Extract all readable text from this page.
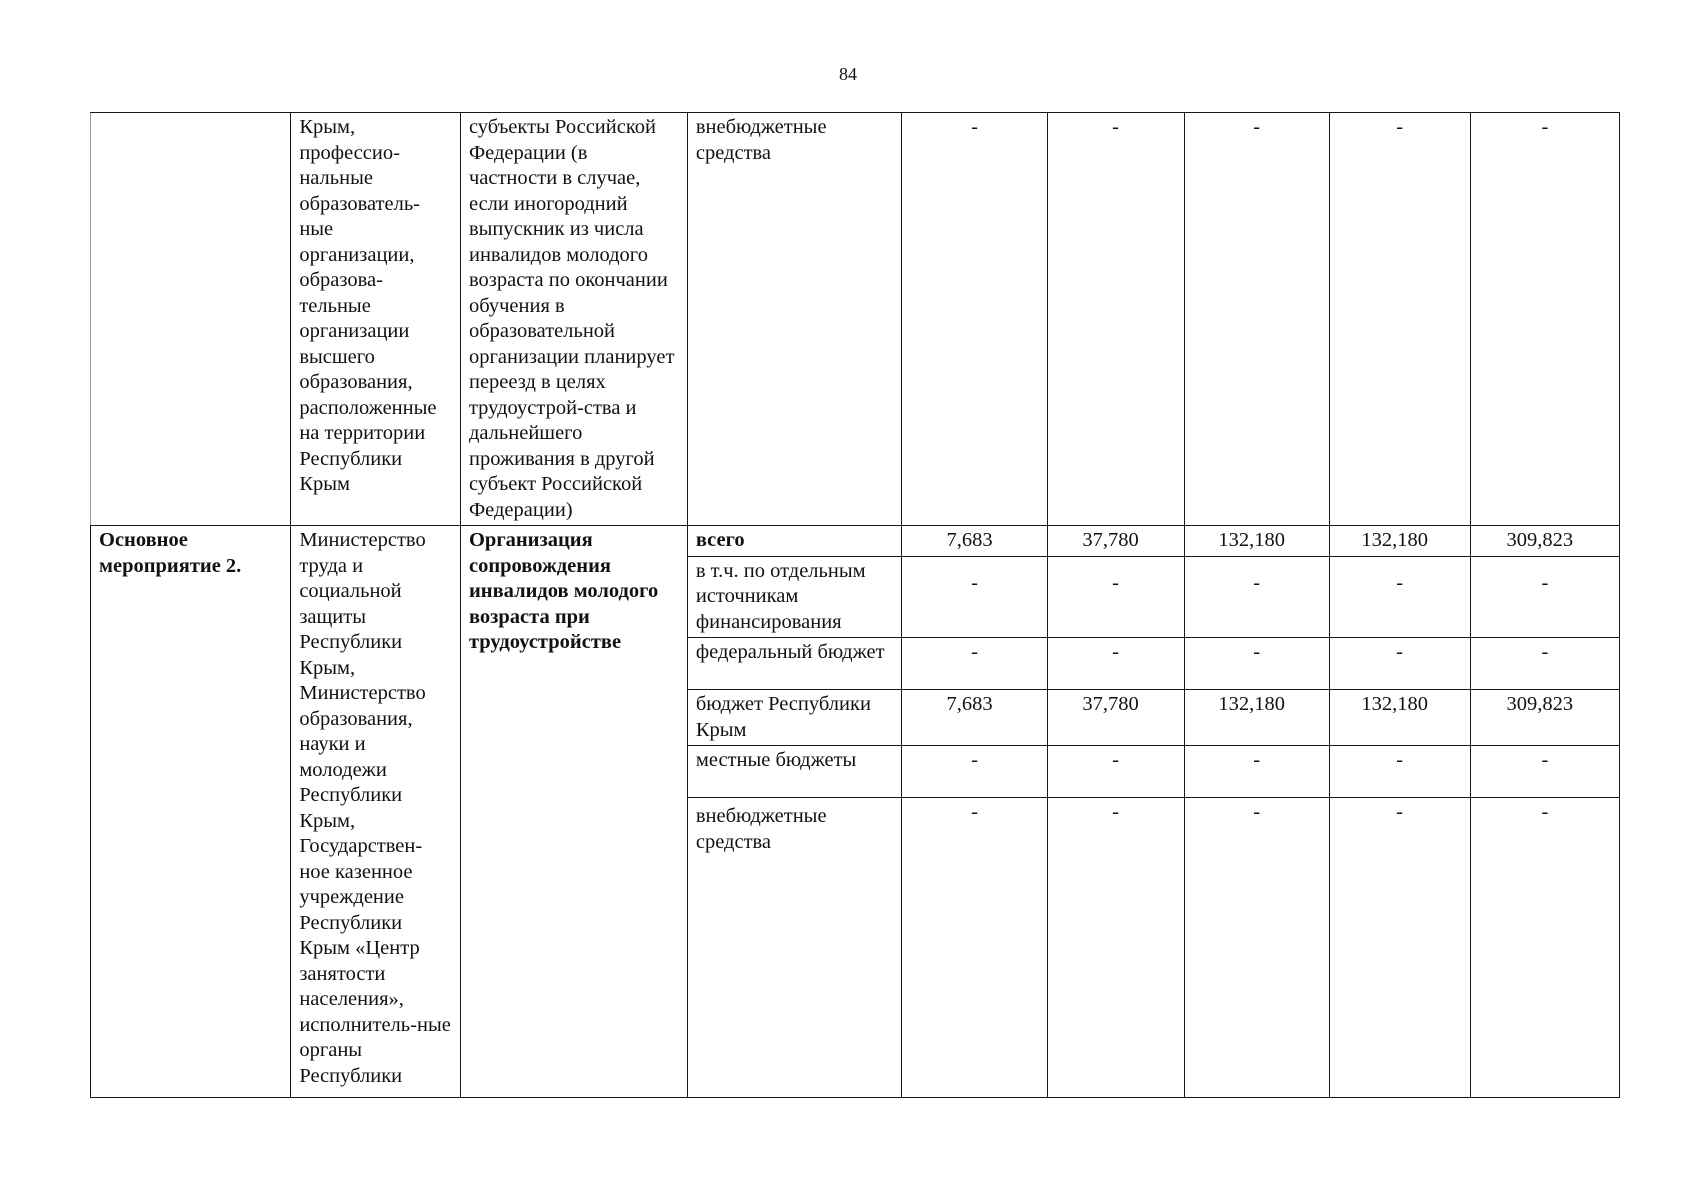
84
	Крым, профессио-нальные образователь-ные организации, образова-тельные организации высшего образования, расположенные на территории Республики Крым	субъекты Российской Федерации (в частности в случае, если иногородний выпускник из числа инвалидов молодого возраста по окончании обучения в образовательной организации планирует переезд в целях трудоустрой-ства и дальнейшего проживания в другой субъект Российской Федерации)	внебюджетные средства	-	-	-	-	-
Основное мероприятие 2.	Министерство труда и социальной защиты Республики Крым, Министерство образования, науки и молодежи Республики Крым, Государствен-ное казенное учреждение Республики Крым «Центр занятости населения», исполнитель-ные органы Республики	Организация сопровождения инвалидов молодого возраста при трудоустройстве	всего	7,683	37,780	132,180	132,180	309,823
			в т.ч. по отдельным источникам финансирования	-	-	-	-	-
			федеральный бюджет	-	-	-	-	-
			бюджет Республики Крым	7,683	37,780	132,180	132,180	309,823
			местные бюджеты	-	-	-	-	-
			внебюджетные средства	-	-	-	-	-
